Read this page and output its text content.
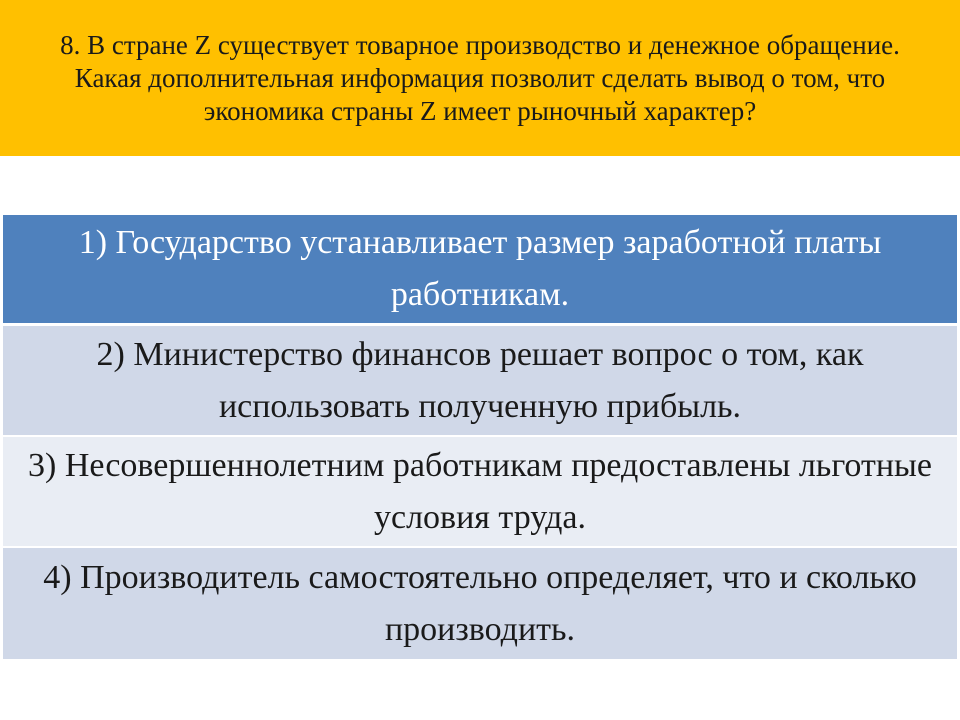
8. В стране Z существует товарное производство и денежное обращение. Какая дополнительная информация позволит сделать вывод о том, что экономика страны Z имеет рыночный характер?

1) Государство устанавливает размер заработной платы работникам.
2) Министерство финансов решает вопрос о том, как использовать полученную прибыль.
3) Несовершеннолетним работникам предоставлены льготные условия труда.
4) Производитель самостоятельно определяет, что и сколько производить.
